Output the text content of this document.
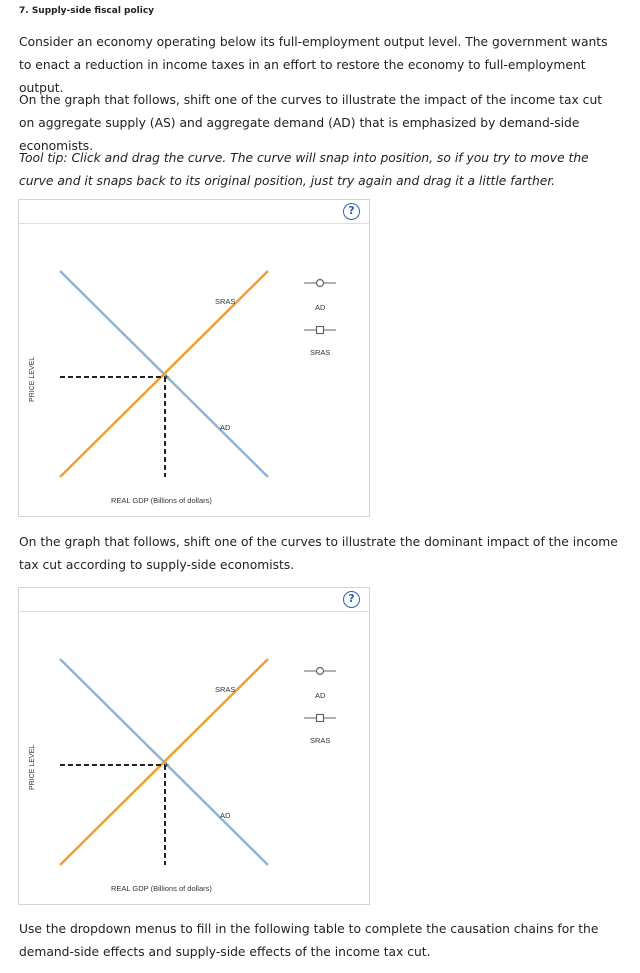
7. Supply-side fiscal policy
Consider an economy operating below its full-employment output level. The government wants to enact a reduction in income taxes in an effort to restore the economy to full-employment output.
On the graph that follows, shift one of the curves to illustrate the impact of the income tax cut on aggregate supply (AS) and aggregate demand (AD) that is emphasized by demand-side economists.
Tool tip: Click and drag the curve. The curve will snap into position, so if you try to move the curve and it snaps back to its original position, just try again and drag it a little farther.
?
+
SRAS
AD
REAL GDP (Billions of dollars)
PRICE LEVEL
AD
SRAS
On the graph that follows, shift one of the curves to illustrate the dominant impact of the income tax cut according to supply-side economists.
?
+
SRAS
AD
REAL GDP (Billions of dollars)
PRICE LEVEL
AD
SRAS
Use the dropdown menus to fill in the following table to complete the causation chains for the demand-side effects and supply-side effects of the income tax cut.
